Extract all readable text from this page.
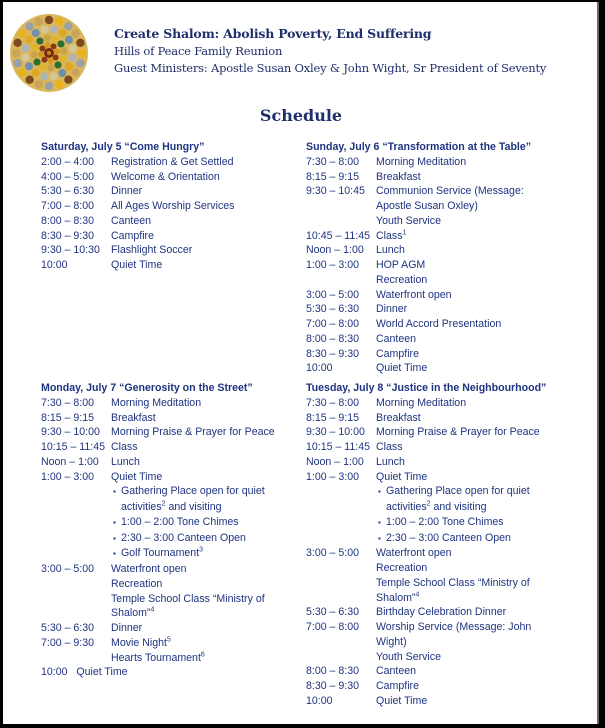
Create Shalom: Abolish Poverty, End Suffering
Hills of Peace Family Reunion
Guest Ministers: Apostle Susan Oxley & John Wight, Sr President of Seventy
Schedule
Saturday, July 5 “Come Hungry”
2:00 – 4:00	Registration & Get Settled
4:00 – 5:00	Welcome & Orientation
5:30 – 6:30	Dinner
7:00 – 8:00	All Ages Worship Services
8:00 – 8:30	Canteen
8:30 – 9:30	Campfire
9:30 – 10:30	Flashlight Soccer
10:00	Quiet Time
Sunday, July 6 “Transformation at the Table”
7:30 – 8:00	Morning Meditation
8:15 – 9:15	Breakfast
9:30 – 10:45	Communion Service (Message:
Apostle Susan Oxley)
Youth Service
10:45 – 11:45 Class$^1$
Noon – 1:00	Lunch
1:00 – 3:00	HOP AGM
Recreation
3:00 – 5:00	Waterfront open
5:30 – 6:30	Dinner
7:00 – 8:00	World Accord Presentation
8:00 – 8:30	Canteen
8:30 – 9:30	Campfire
10:00	Quiet Time
Monday, July 7 “Generosity on the Street”
7:30 – 8:00	Morning Meditation
8:15 – 9:15	Breakfast
9:30 – 10:00	Morning Praise & Prayer for Peace
10:15 – 11:45 Class
Noon – 1:00	Lunch
1:00 – 3:00	Quiet Time
▪ Gathering Place open for quiet
activities$^2$ and visiting
▪ 1:00 – 2:00 Tone Chimes
▪ 2:30 – 3:00 Canteen Open
▪ Golf Tournament$^3$
3:00 – 5:00	Waterfront open
Recreation
Temple School Class “Ministry of
Shalom”$^4$
5:30 – 6:30	Dinner
7:00 – 9:30	Movie Night$^5$
Hearts Tournament$^6$
10:00   Quiet Time
Tuesday, July 8 “Justice in the Neighbourhood”
7:30 – 8:00	Morning Meditation
8:15 – 9:15	Breakfast
9:30 – 10:00	Morning Praise & Prayer for Peace
10:15 – 11:45 Class
Noon – 1:00	Lunch
1:00 – 3:00	Quiet Time
▪ Gathering Place open for quiet
activities$^2$ and visiting
▪ 1:00 – 2:00 Tone Chimes
▪ 2:30 – 3:00 Canteen Open
3:00 – 5:00	Waterfront open
Recreation
Temple School Class “Ministry of
Shalom”$^4$
5:30 – 6:30	Birthday Celebration Dinner
7:00 – 8:00	Worship Service (Message: John
Wight)
Youth Service
8:00 – 8:30	Canteen
8:30 – 9:30	Campfire
10:00	Quiet Time
